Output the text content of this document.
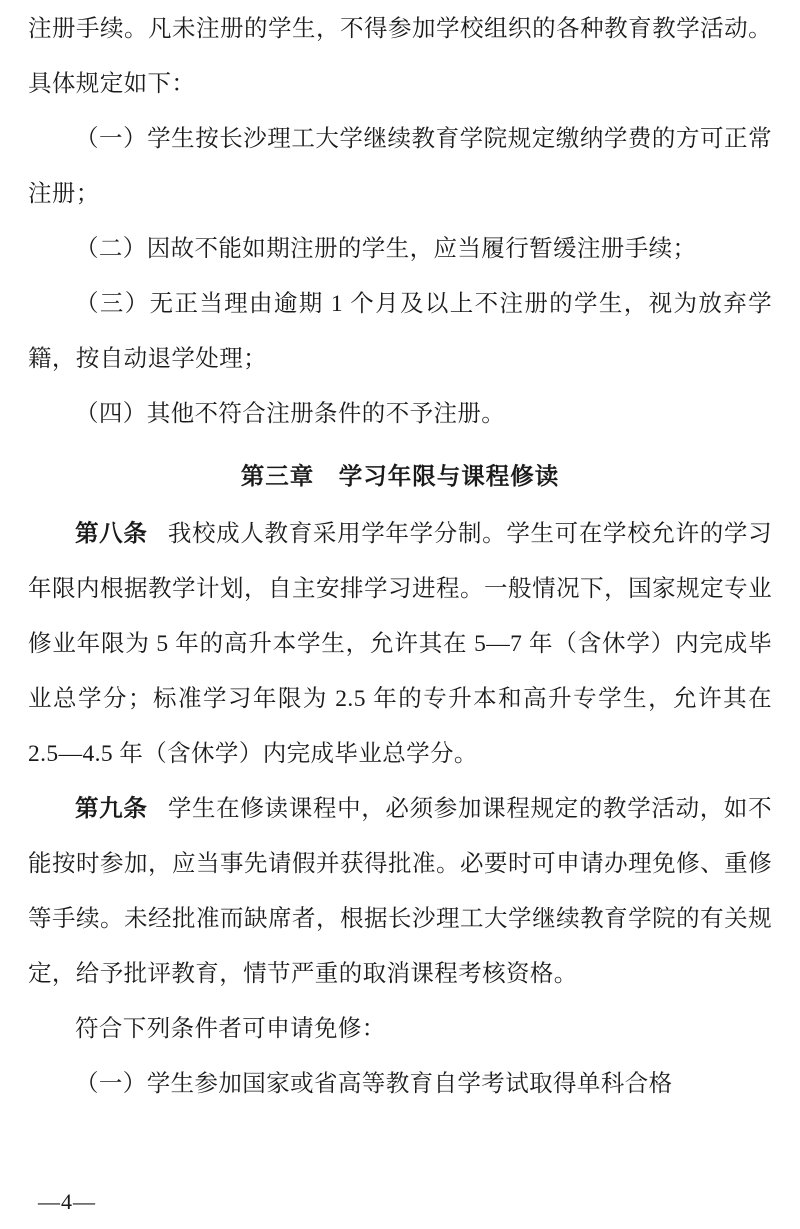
注册手续。凡未注册的学生，不得参加学校组织的各种教育教学活动。具体规定如下：

（一）学生按长沙理工大学继续教育学院规定缴纳学费的方可正常注册；

（二）因故不能如期注册的学生，应当履行暂缓注册手续；

（三）无正当理由逾期 1 个月及以上不注册的学生，视为放弃学籍，按自动退学处理；

（四）其他不符合注册条件的不予注册。

第三章　学习年限与课程修读

第八条 我校成人教育采用学年学分制。学生可在学校允许的学习年限内根据教学计划，自主安排学习进程。一般情况下，国家规定专业修业年限为 5 年的高升本学生，允许其在 5—7 年（含休学）内完成毕业总学分；标准学习年限为 2.5 年的专升本和高升专学生，允许其在 2.5—4.5 年（含休学）内完成毕业总学分。

第九条 学生在修读课程中，必须参加课程规定的教学活动，如不能按时参加，应当事先请假并获得批准。必要时可申请办理免修、重修等手续。未经批准而缺席者，根据长沙理工大学继续教育学院的有关规定，给予批评教育，情节严重的取消课程考核资格。

符合下列条件者可申请免修：

（一）学生参加国家或省高等教育自学考试取得单科合格

—4—
